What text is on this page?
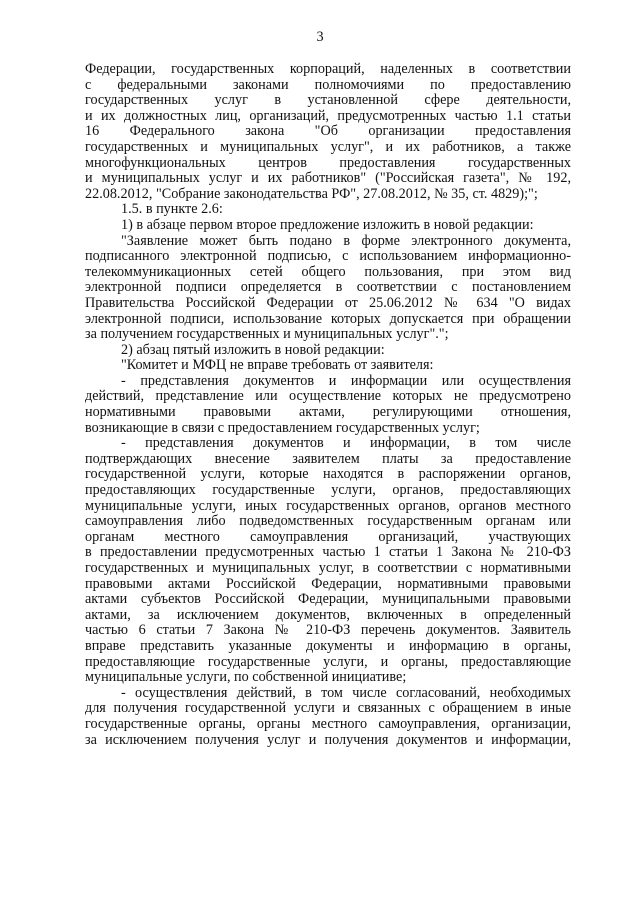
3
Федерации, государственных корпораций, наделенных в соответствии
с федеральными законами полномочиями по предоставлению
государственных услуг в установленной сфере деятельности,
и их должностных лиц, организаций, предусмотренных частью 1.1 статьи
16 Федерального закона "Об организации предоставления
государственных и муниципальных услуг", и их работников, а также
многофункциональных центров предоставления государственных
и муниципальных услуг и их работников" ("Российская газета", № 192,
22.08.2012, "Собрание законодательства РФ", 27.08.2012, № 35, ст. 4829);";
1.5. в пункте 2.6:
1) в абзаце первом второе предложение изложить в новой редакции:
"Заявление может быть подано в форме электронного документа,
подписанного электронной подписью, с использованием информационно-
телекоммуникационных сетей общего пользования, при этом вид
электронной подписи определяется в соответствии с постановлением
Правительства Российской Федерации от 25.06.2012 № 634 "О видах
электронной подписи, использование которых допускается при обращении
за получением государственных и муниципальных услуг".";
2) абзац пятый изложить в новой редакции:
"Комитет и МФЦ не вправе требовать от заявителя:
- представления документов и информации или осуществления
действий, представление или осуществление которых не предусмотрено
нормативными правовыми актами, регулирующими отношения,
возникающие в связи с предоставлением государственных услуг;
- представления документов и информации, в том числе
подтверждающих внесение заявителем платы за предоставление
государственной услуги, которые находятся в распоряжении органов,
предоставляющих государственные услуги, органов, предоставляющих
муниципальные услуги, иных государственных органов, органов местного
самоуправления либо подведомственных государственным органам или
органам местного самоуправления организаций, участвующих
в предоставлении предусмотренных частью 1 статьи 1 Закона № 210-ФЗ
государственных и муниципальных услуг, в соответствии с нормативными
правовыми актами Российской Федерации, нормативными правовыми
актами субъектов Российской Федерации, муниципальными правовыми
актами, за исключением документов, включенных в определенный
частью 6 статьи 7 Закона № 210-ФЗ перечень документов. Заявитель
вправе представить указанные документы и информацию в органы,
предоставляющие государственные услуги, и органы, предоставляющие
муниципальные услуги, по собственной инициативе;
- осуществления действий, в том числе согласований, необходимых
для получения государственной услуги и связанных с обращением в иные
государственные органы, органы местного самоуправления, организации,
за исключением получения услуг и получения документов и информации,
